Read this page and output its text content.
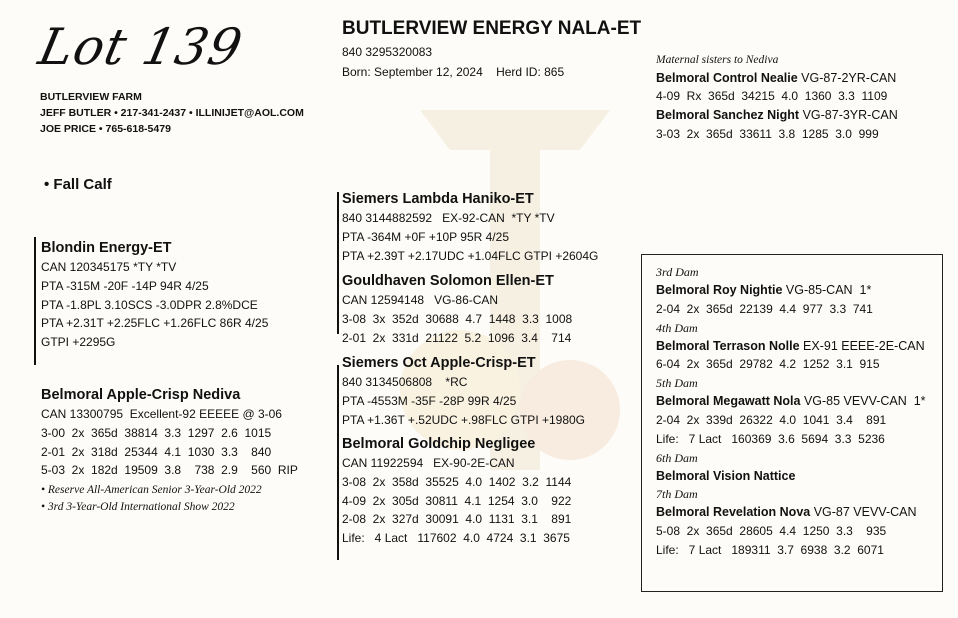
Lot 139
BUTLERVIEW FARM
JEFF BUTLER • 217-341-2437 • ILLINIJET@AOL.COM
JOE PRICE • 765-618-5479
• Fall Calf
BUTLERVIEW ENERGY NALA-ET
840 3295320083
Born: September 12, 2024    Herd ID: 865
Blondin Energy-ET
CAN 120345175 *TY *TV
PTA -315M -20F -14P 94R 4/25
PTA -1.8PL 3.10SCS -3.0DPR 2.8%DCE
PTA +2.31T +2.25FLC +1.26FLC 86R 4/25
GTPI +2295G
Belmoral Apple-Crisp Nediva
CAN 13300795  Excellent-92 EEEEE @ 3-06
3-00  2x  365d  38814  3.3  1297  2.6  1015
2-01  2x  318d  25344  4.1  1030  3.3    840
5-03  2x  182d  19509  3.8    738  2.9    560  RIP
• Reserve All-American Senior 3-Year-Old 2022
• 3rd 3-Year-Old International Show 2022
Siemers Lambda Haniko-ET
840 3144882592   EX-92-CAN  *TY *TV
PTA -364M +0F +10P 95R 4/25
PTA +2.39T +2.17UDC +1.04FLC GTPI +2604G
Gouldhaven Solomon Ellen-ET
CAN 12594148   VG-86-CAN
3-08  3x  352d  30688  4.7  1448  3.3  1008
2-01  2x  331d  21122  5.2  1096  3.4    714
Siemers Oct Apple-Crisp-ET
840 3134506808    *RC
PTA -4553M -35F -28P 99R 4/25
PTA +1.36T +.52UDC +.98FLC GTPI +1980G
Belmoral Goldchip Negligee
CAN 11922594   EX-90-2E-CAN
3-08  2x  358d  35525  4.0  1402  3.2  1144
4-09  2x  305d  30811  4.1  1254  3.0    922
2-08  2x  327d  30091  4.0  1131  3.1    891
Life:   4 Lact   117602  4.0  4724  3.1  3675
Maternal sisters to Nediva
Belmoral Control Nealie VG-87-2YR-CAN
4-09  Rx  365d  34215  4.0  1360  3.3  1109
Belmoral Sanchez Night VG-87-3YR-CAN
3-03  2x  365d  33611  3.8  1285  3.0  999
3rd Dam
Belmoral Roy Nightie VG-85-CAN  1*
2-04  2x  365d  22139  4.4  977  3.3  741
4th Dam
Belmoral Terrason Nolle EX-91 EEEE-2E-CAN
6-04  2x  365d  29782  4.2  1252  3.1  915
5th Dam
Belmoral Megawatt Nola VG-85 VEVV-CAN  1*
2-04  2x  339d  26322  4.0  1041  3.4    891
Life:   7 Lact   160369  3.6  5694  3.3  5236
6th Dam
Belmoral Vision Nattice
7th Dam
Belmoral Revelation Nova VG-87 VEVV-CAN
5-08  2x  365d  28605  4.4  1250  3.3    935
Life:   7 Lact   189311  3.7  6938  3.2  6071
